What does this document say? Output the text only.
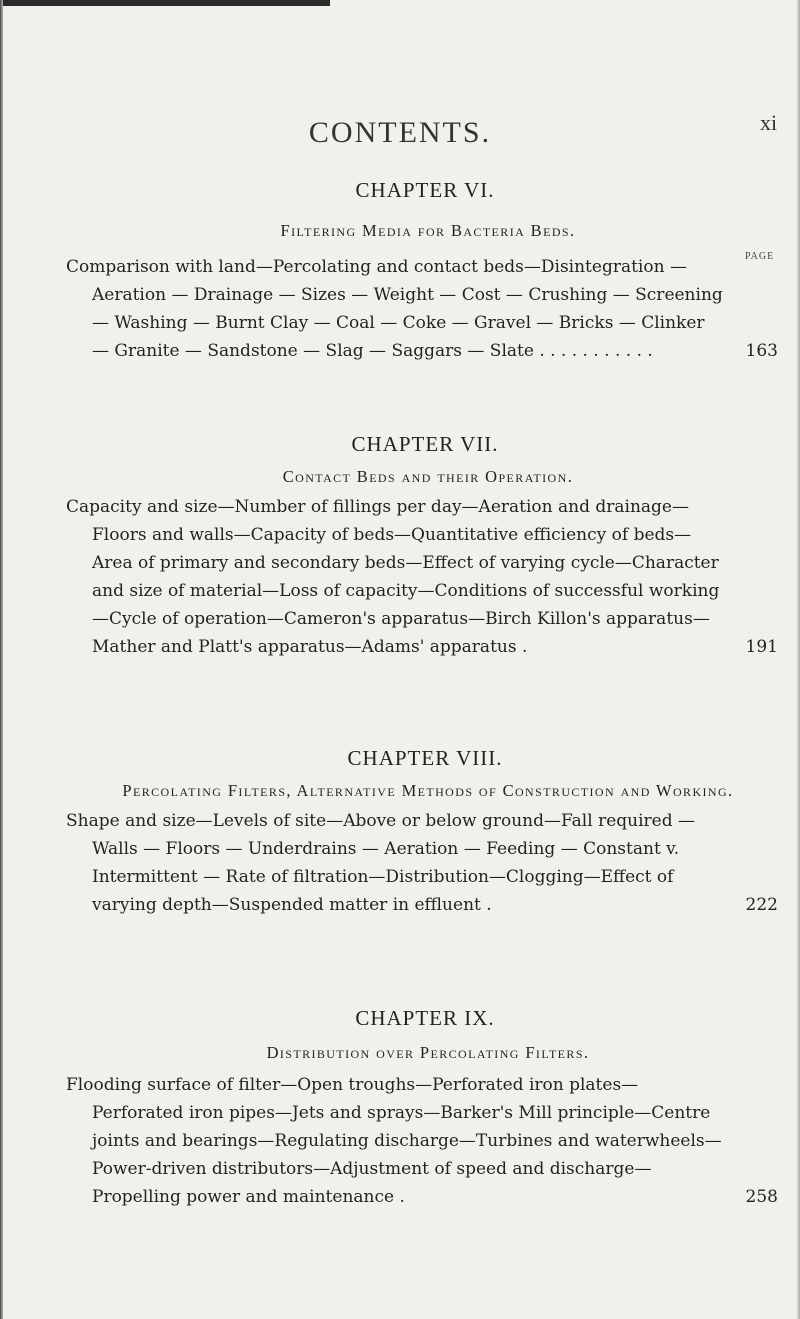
CONTENTS.	xi
PAGE

CHAPTER VI.

Filtering Media for Bacteria Beds.

Comparison with land—Percolating and contact beds—Disintegration — Aeration — Drainage — Sizes — Weight — Cost — Crushing — Screening — Washing — Burnt Clay — Coal — Coke — Gravel — Bricks — Clinker — Granite — Sandstone — Slag — Saggars — Slate . . . . . . . . . . .	163

CHAPTER VII.

Contact Beds and their Operation.

Capacity and size—Number of fillings per day—Aeration and drainage—Floors and walls—Capacity of beds—Quantitative efficiency of beds—Area of primary and secondary beds—Effect of varying cycle—Character and size of material—Loss of capacity—Conditions of successful working—Cycle of operation—Cameron's apparatus—Birch Killon's apparatus—Mather and Platt's apparatus—Adams' apparatus .	191

CHAPTER VIII.

Percolating Filters, Alternative Methods of Construction and Working.

Shape and size—Levels of site—Above or below ground—Fall required — Walls — Floors — Underdrains — Aeration — Feeding — Constant v. Intermittent — Rate of filtration—Distribution—Clogging—Effect of varying depth—Suspended matter in effluent .	222

CHAPTER IX.

Distribution over Percolating Filters.

Flooding surface of filter—Open troughs—Perforated iron plates—Perforated iron pipes—Jets and sprays—Barker's Mill principle—Centre joints and bearings—Regulating discharge—Turbines and waterwheels—Power-driven distributors—Adjustment of speed and discharge—Propelling power and maintenance .	258
